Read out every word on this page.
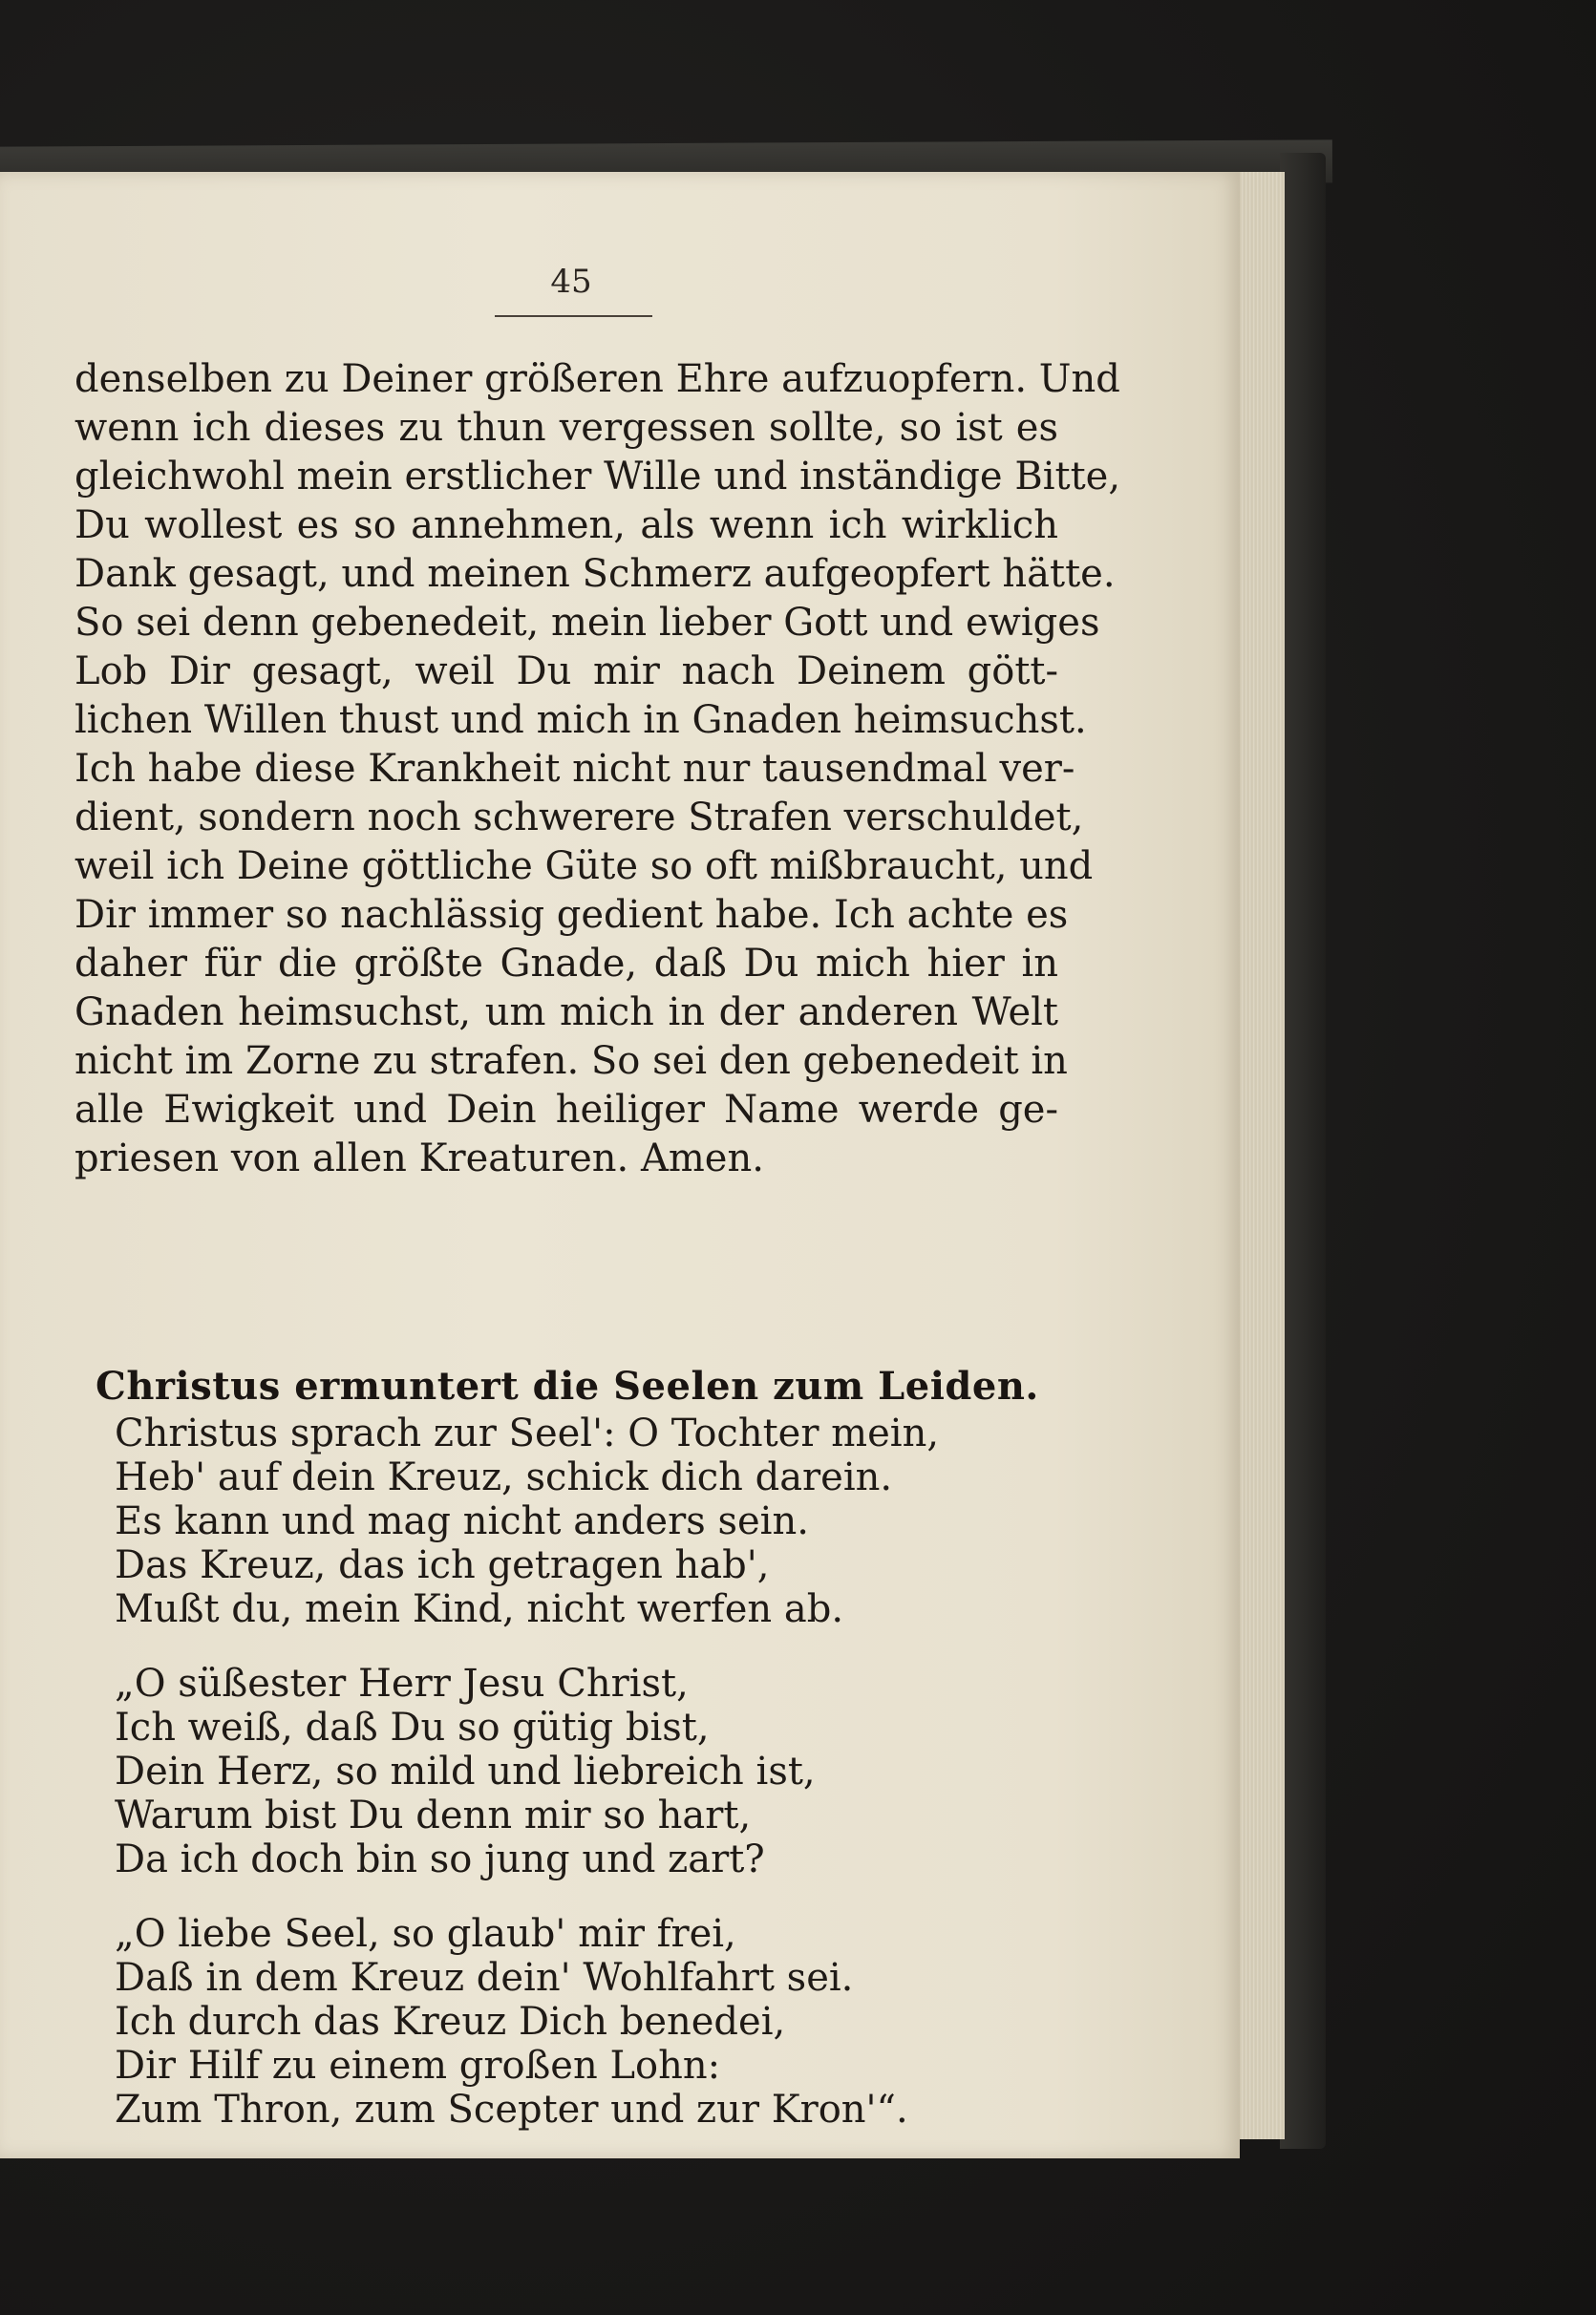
45
denselben zu Deiner größeren Ehre aufzuopfern. Und
wenn ich dieses zu thun vergessen sollte, so ist es
gleichwohl mein erstlicher Wille und inständige Bitte,
Du wollest es so annehmen, als wenn ich wirklich
Dank gesagt, und meinen Schmerz aufgeopfert hätte.
So sei denn gebenedeit, mein lieber Gott und ewiges
Lob Dir gesagt, weil Du mir nach Deinem gött-
lichen Willen thust und mich in Gnaden heimsuchst.
Ich habe diese Krankheit nicht nur tausendmal ver-
dient, sondern noch schwerere Strafen verschuldet,
weil ich Deine göttliche Güte so oft mißbraucht, und
Dir immer so nachlässig gedient habe. Ich achte es
daher für die größte Gnade, daß Du mich hier in
Gnaden heimsuchst, um mich in der anderen Welt
nicht im Zorne zu strafen. So sei den gebenedeit in
alle Ewigkeit und Dein heiliger Name werde ge-
priesen von allen Kreaturen. Amen.
Christus ermuntert die Seelen zum Leiden.
Christus sprach zur Seel': O Tochter mein,
Heb' auf dein Kreuz, schick dich darein.
Es kann und mag nicht anders sein.
Das Kreuz, das ich getragen hab',
Mußt du, mein Kind, nicht werfen ab.
„O süßester Herr Jesu Christ,
Ich weiß, daß Du so gütig bist,
Dein Herz, so mild und liebreich ist,
Warum bist Du denn mir so hart,
Da ich doch bin so jung und zart?
„O liebe Seel, so glaub' mir frei,
Daß in dem Kreuz dein' Wohlfahrt sei.
Ich durch das Kreuz Dich benedei,
Dir Hilf zu einem großen Lohn:
Zum Thron, zum Scepter und zur Kron'“.
